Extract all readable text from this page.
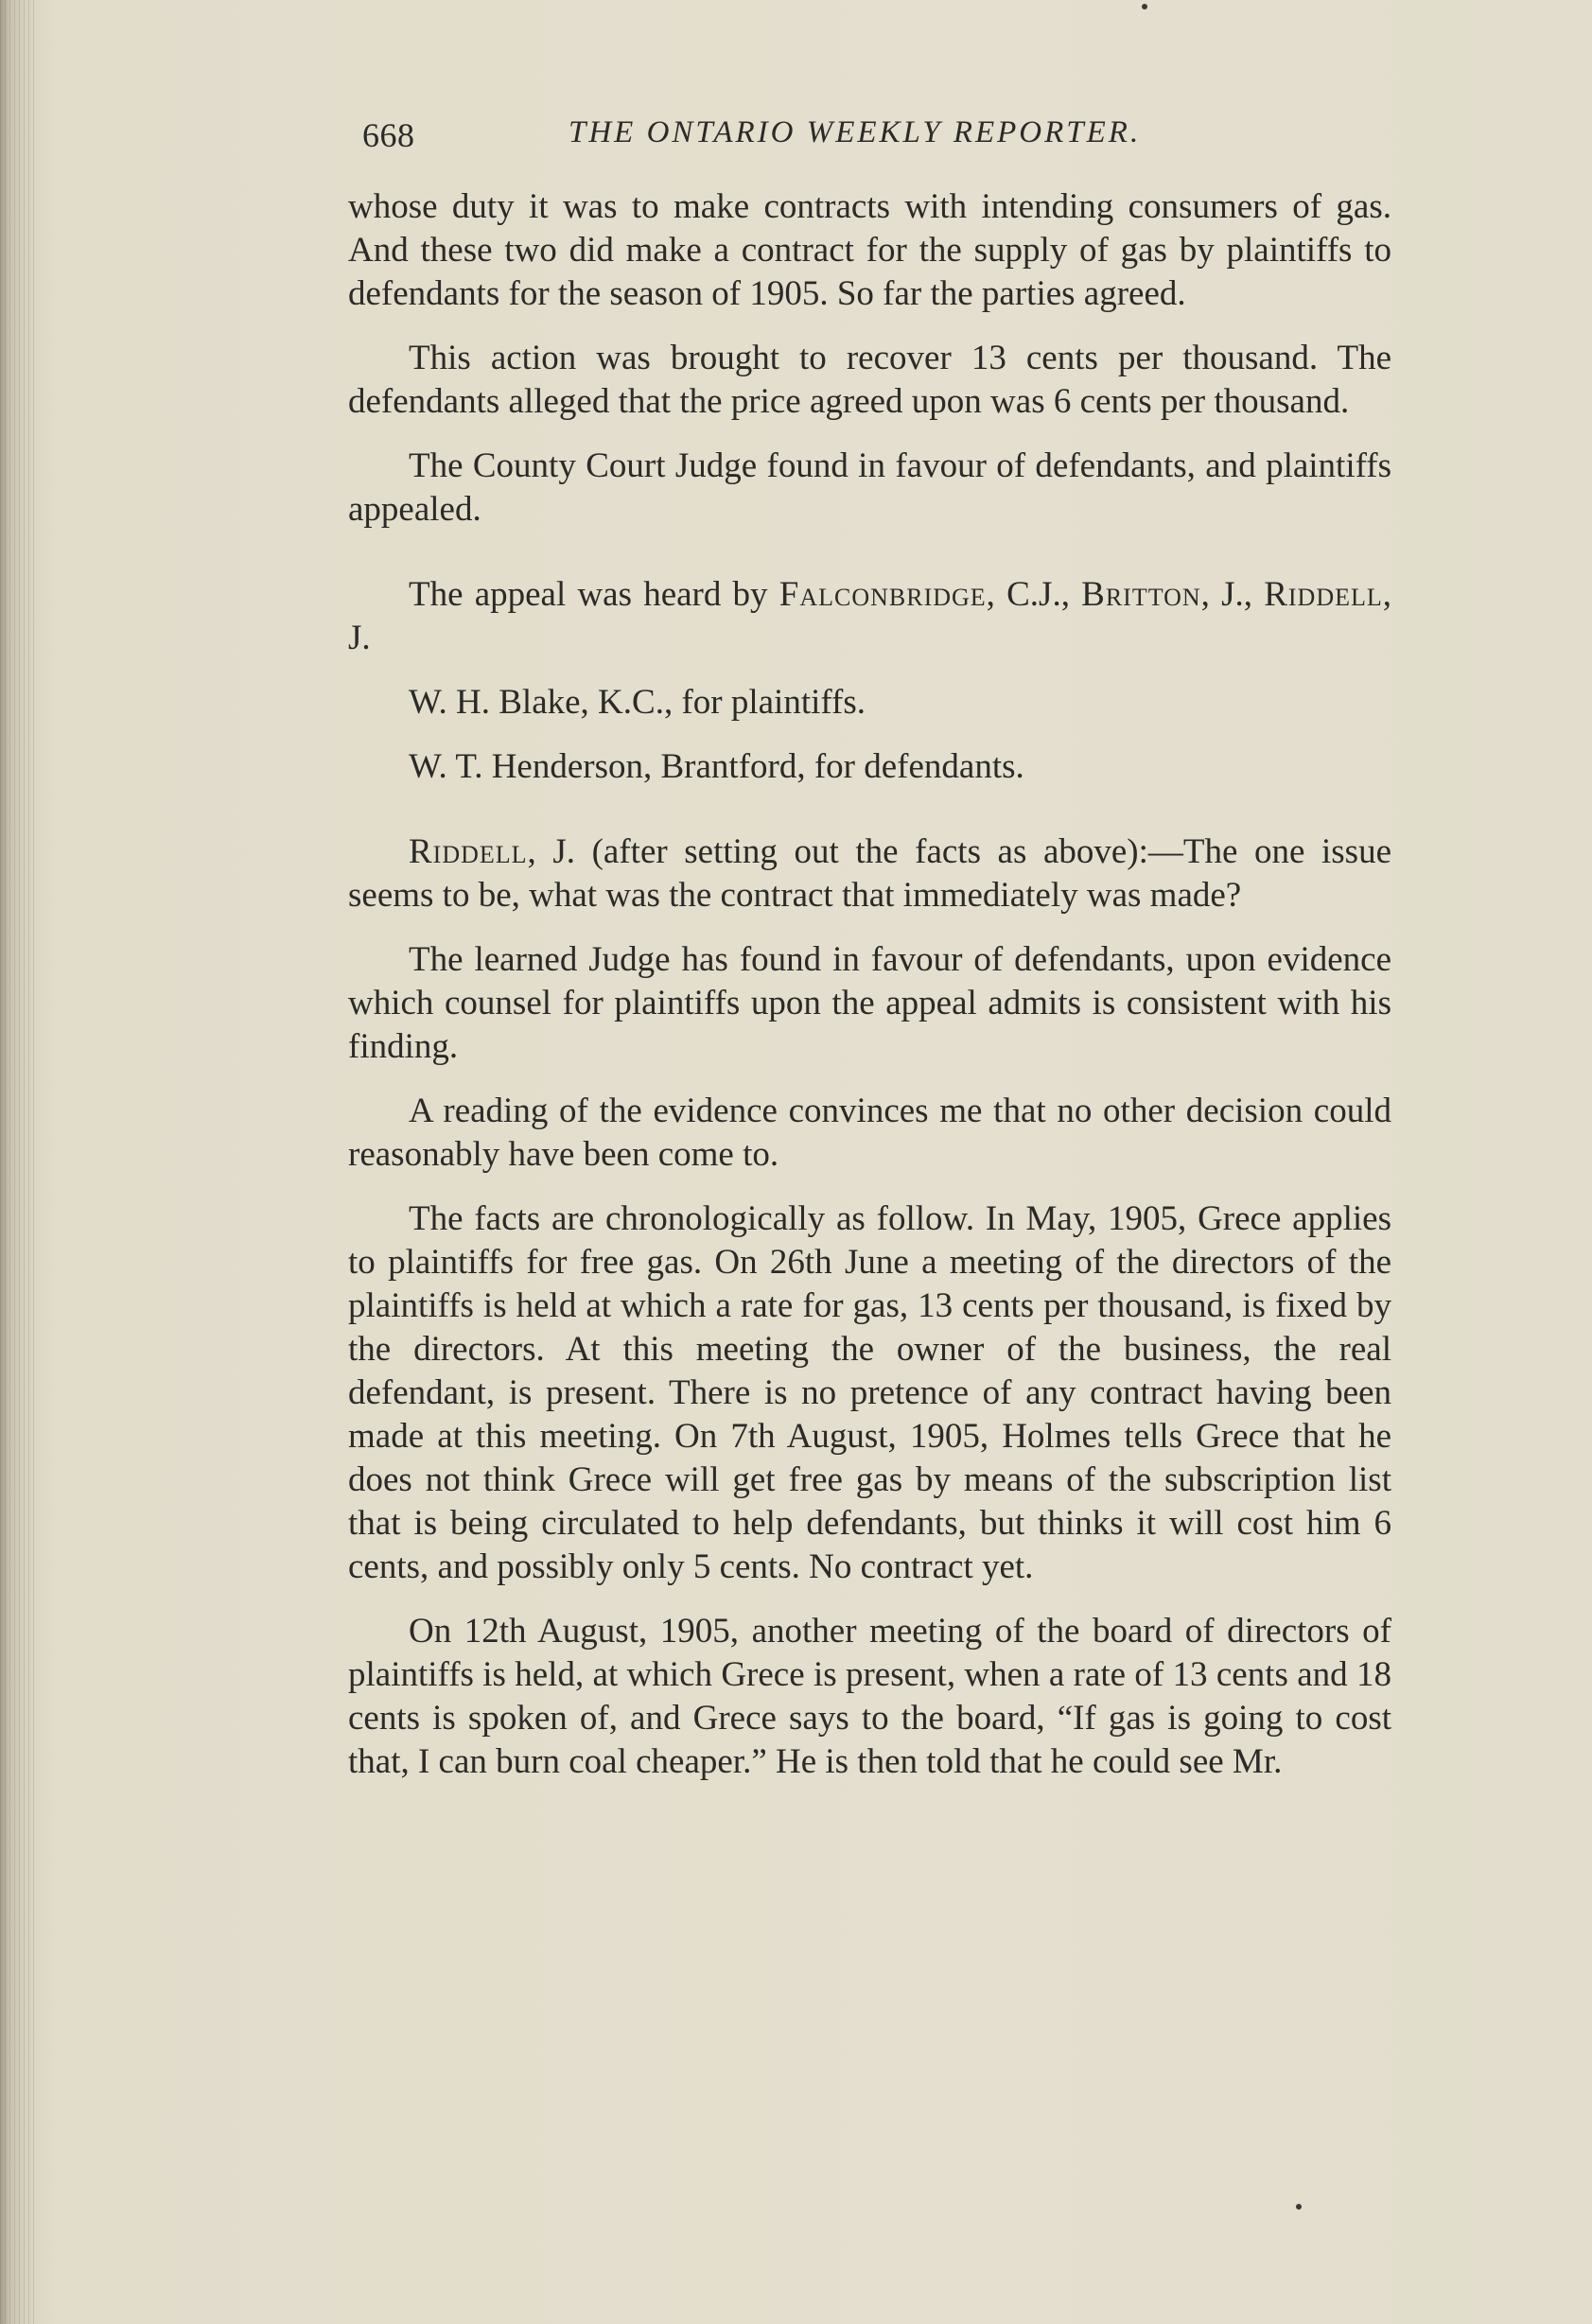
668	THE ONTARIO WEEKLY REPORTER.

whose duty it was to make contracts with intending consumers of gas. And these two did make a contract for the supply of gas by plaintiffs to defendants for the season of 1905. So far the parties agreed.

This action was brought to recover 13 cents per thousand. The defendants alleged that the price agreed upon was 6 cents per thousand.

The County Court Judge found in favour of defendants, and plaintiffs appealed.

The appeal was heard by Falconbridge, C.J., Britton, J., Riddell, J.

W. H. Blake, K.C., for plaintiffs.

W. T. Henderson, Brantford, for defendants.

Riddell, J. (after setting out the facts as above):—The one issue seems to be, what was the contract that immediately was made?

The learned Judge has found in favour of defendants, upon evidence which counsel for plaintiffs upon the appeal admits is consistent with his finding.

A reading of the evidence convinces me that no other decision could reasonably have been come to.

The facts are chronologically as follow. In May, 1905, Grece applies to plaintiffs for free gas. On 26th June a meeting of the directors of the plaintiffs is held at which a rate for gas, 13 cents per thousand, is fixed by the directors. At this meeting the owner of the business, the real defendant, is present. There is no pretence of any contract having been made at this meeting. On 7th August, 1905, Holmes tells Grece that he does not think Grece will get free gas by means of the subscription list that is being circulated to help defendants, but thinks it will cost him 6 cents, and possibly only 5 cents. No contract yet.

On 12th August, 1905, another meeting of the board of directors of plaintiffs is held, at which Grece is present, when a rate of 13 cents and 18 cents is spoken of, and Grece says to the board, “If gas is going to cost that, I can burn coal cheaper.” He is then told that he could see Mr.
